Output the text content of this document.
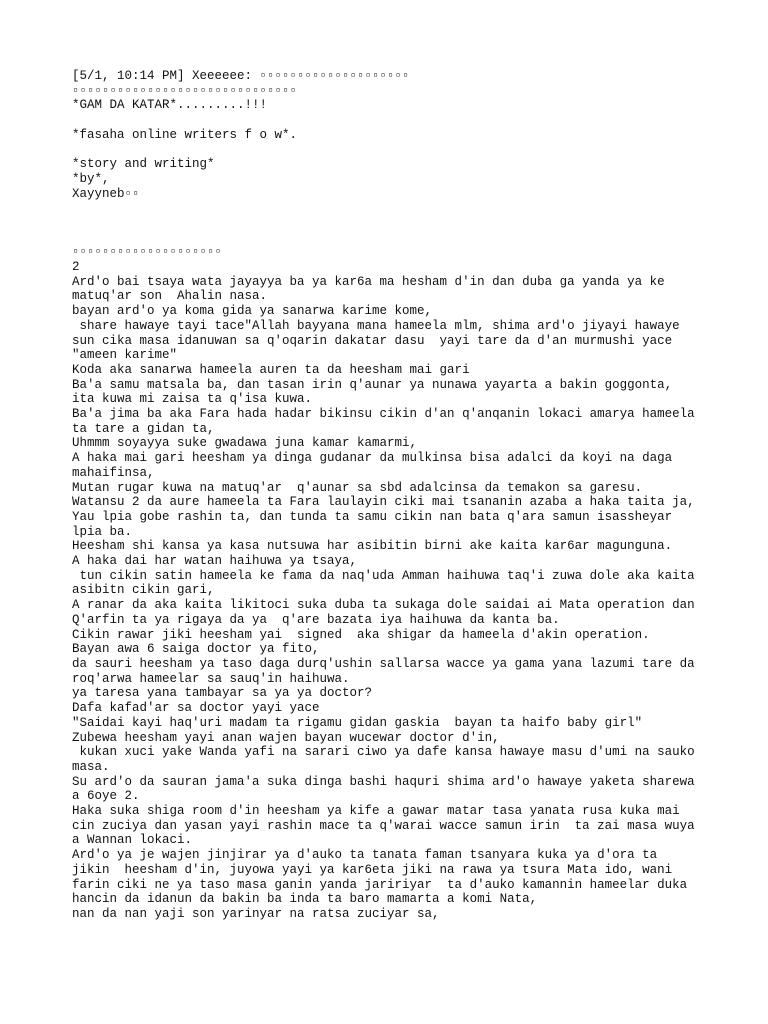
[5/1, 10:14 PM] Xeeeeee: ▫▫▫▫▫▫▫▫▫▫▫▫▫▫▫▫▫▫▫▫
▫▫▫▫▫▫▫▫▫▫▫▫▫▫▫▫▫▫▫▫▫▫▫▫▫▫▫▫▫▫
*GAM DA KATAR*.........!!!
*fasaha online writers f o w*.
*story and writing*
*by*,
Xayyneb▫▫
▫▫▫▫▫▫▫▫▫▫▫▫▫▫▫▫▫▫▫▫
2
Ard'o bai tsaya wata jayayya ba ya kar6a ma hesham d'in dan duba ga yanda ya ke
matuq'ar son  Ahalin nasa.
bayan ard'o ya koma gida ya sanarwa karime kome,
share hawaye tayi tace"Allah bayyana mana hameela mlm, shima ard'o jiyayi hawaye
sun cika masa idanuwan sa q'oqarin dakatar dasu  yayi tare da d'an murmushi yace
"ameen karime"
Koda aka sanarwa hameela auren ta da heesham mai gari
Ba'a samu matsala ba, dan tasan irin q'aunar ya nunawa yayarta a bakin goggonta,
ita kuwa mi zaisa ta q'isa kuwa.
Ba'a jima ba aka Fara hada hadar bikinsu cikin d'an q'anqanin lokaci amarya hameela
ta tare a gidan ta,
Uhmmm soyayya suke gwadawa juna kamar kamarmi,
A haka mai gari heesham ya dinga gudanar da mulkinsa bisa adalci da koyi na daga
mahaifinsa,
Mutan rugar kuwa na matuq'ar  q'aunar sa sbd adalcinsa da temakon sa garesu.
Watansu 2 da aure hameela ta Fara laulayin ciki mai tsananin azaba a haka taita ja,
Yau lpia gobe rashin ta, dan tunda ta samu cikin nan bata q'ara samun isassheyar
lpia ba.
Heesham shi kansa ya kasa nutsuwa har asibitin birni ake kaita kar6ar magunguna.
A haka dai har watan haihuwa ya tsaya,
tun cikin satin hameela ke fama da naq'uda Amman haihuwa taq'i zuwa dole aka kaita
asibitn cikin gari,
A ranar da aka kaita likitoci suka duba ta sukaga dole saidai ai Mata operation dan
Q'arfin ta ya rigaya da ya  q'are bazata iya haihuwa da kanta ba.
Cikin rawar jiki heesham yai  signed  aka shigar da hameela d'akin operation.
Bayan awa 6 saiga doctor ya fito,
da sauri heesham ya taso daga durq'ushin sallarsa wacce ya gama yana lazumi tare da
roq'arwa hameelar sa sauq'in haihuwa.
ya taresa yana tambayar sa ya ya doctor?
Dafa kafad'ar sa doctor yayi yace
"Saidai kayi haq'uri madam ta rigamu gidan gaskia  bayan ta haifo baby girl"
Zubewa heesham yayi anan wajen bayan wucewar doctor d'in,
kukan xuci yake Wanda yafi na sarari ciwo ya dafe kansa hawaye masu d'umi na sauko
masa.
Su ard'o da sauran jama'a suka dinga bashi haquri shima ard'o hawaye yaketa sharewa
a 6oye 2.
Haka suka shiga room d'in heesham ya kife a gawar matar tasa yanata rusa kuka mai
cin zuciya dan yasan yayi rashin mace ta q'warai wacce samun irin  ta zai masa wuya
a Wannan lokaci.
Ard'o ya je wajen jinjirar ya d'auko ta tanata faman tsanyara kuka ya d'ora ta
jikin  heesham d'in, juyowa yayi ya kar6eta jiki na rawa ya tsura Mata ido, wani
farin ciki ne ya taso masa ganin yanda jaririyar  ta d'auko kamannin hameelar duka
hancin da idanun da bakin ba inda ta baro mamarta a komi Nata,
nan da nan yaji son yarinyar na ratsa zuciyar sa,
